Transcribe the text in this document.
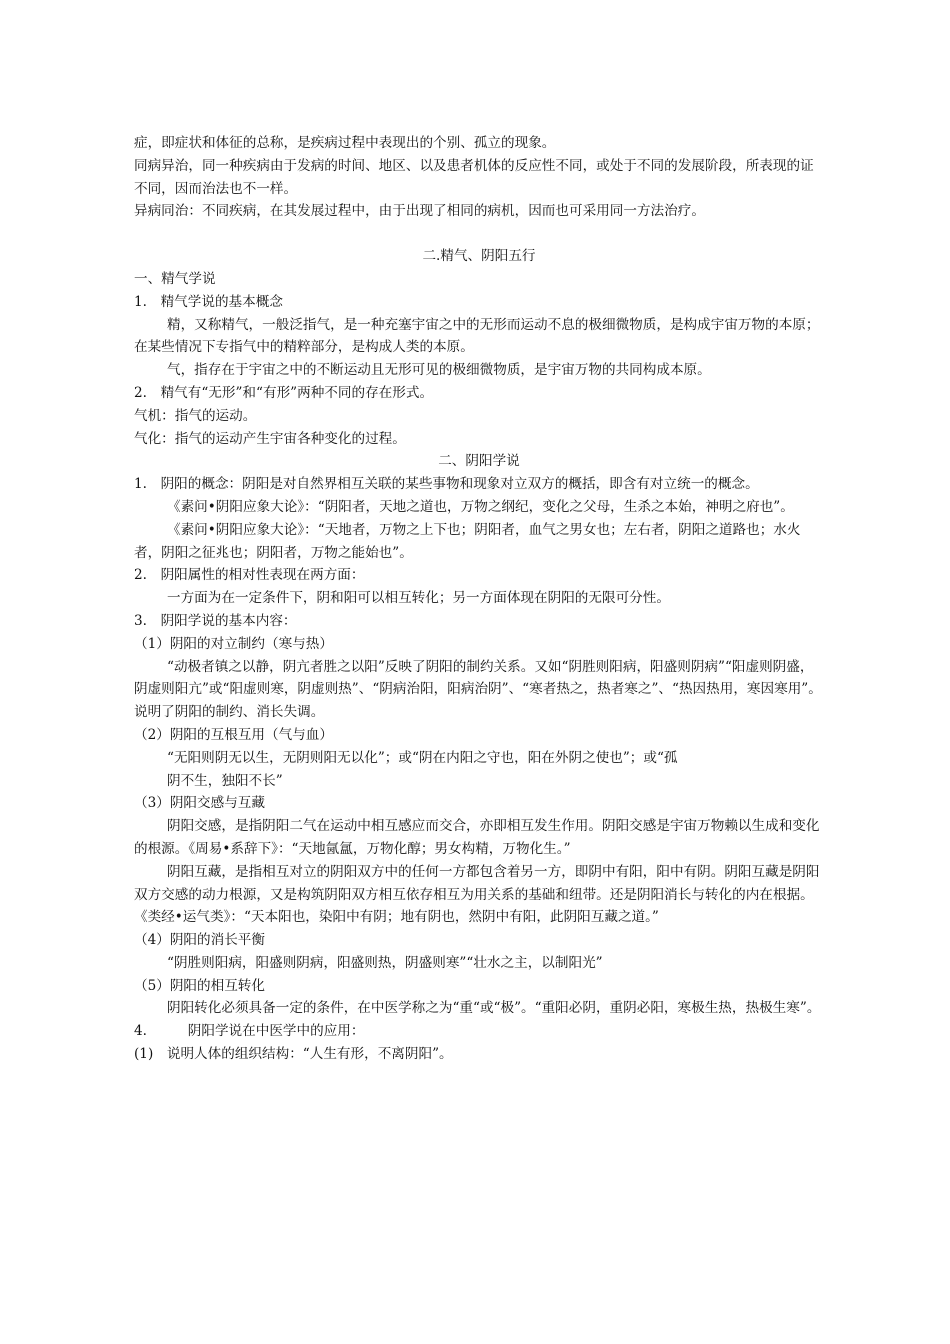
症，即症状和体征的总称，是疾病过程中表现出的个别、孤立的现象。

同病异治，同一种疾病由于发病的时间、地区、以及患者机体的反应性不同，或处于不同的发展阶段，所表现的证不同，因而治法也不一样。

异病同治：不同疾病，在其发展过程中，由于出现了相同的病机，因而也可采用同一方法治疗。

二.精气、阴阳五行

一、精气学说

1.　精气学说的基本概念

精，又称精气，一般泛指气，是一种充塞宇宙之中的无形而运动不息的极细微物质，是构成宇宙万物的本原；在某些情况下专指气中的精粹部分，是构成人类的本原。

气，指存在于宇宙之中的不断运动且无形可见的极细微物质，是宇宙万物的共同构成本原。

2.　精气有“无形”和“有形”两种不同的存在形式。

气机：指气的运动。

气化：指气的运动产生宇宙各种变化的过程。

二、阴阳学说

1.　阴阳的概念：阴阳是对自然界相互关联的某些事物和现象对立双方的概括，即含有对立统一的概念。

《素问•阴阳应象大论》：“阴阳者，天地之道也，万物之纲纪，变化之父母，生杀之本始，神明之府也”。

《素问•阴阳应象大论》：“天地者，万物之上下也；阴阳者，血气之男女也；左右者，阴阳之道路也；水火者，阴阳之征兆也；阴阳者，万物之能始也”。

2.　阴阳属性的相对性表现在两方面：

一方面为在一定条件下，阴和阳可以相互转化；另一方面体现在阴阳的无限可分性。

3.　阴阳学说的基本内容：

（1）阴阳的对立制约（寒与热）

“动极者镇之以静，阴亢者胜之以阳”反映了阴阳的制约关系。又如“阴胜则阳病，阳盛则阴病”“阳虚则阴盛，阴虚则阳亢”或“阳虚则寒，阴虚则热”、“阴病治阳，阳病治阴”、“寒者热之，热者寒之”、“热因热用，寒因寒用”。说明了阴阳的制约、消长失调。

（2）阴阳的互根互用（气与血）

“无阳则阴无以生，无阴则阳无以化”；或“阴在内阳之守也，阳在外阴之使也”；或“孤

阴不生，独阳不长”

（3）阴阳交感与互藏

阴阳交感，是指阴阳二气在运动中相互感应而交合，亦即相互发生作用。阴阳交感是宇宙万物赖以生成和变化的根源。《周易•系辞下》：“天地氤氲，万物化醇；男女构精，万物化生。”

阴阳互藏，是指相互对立的阴阳双方中的任何一方都包含着另一方，即阴中有阳，阳中有阴。阴阳互藏是阴阳双方交感的动力根源，又是构筑阴阳双方相互依存相互为用关系的基础和纽带。还是阴阳消长与转化的内在根据。《类经•运气类》：“天本阳也，染阳中有阴；地有阴也，然阴中有阳，此阴阳互藏之道。”

（4）阴阳的消长平衡

“阴胜则阳病，阳盛则阴病，阳盛则热，阴盛则寒”“壮水之主，以制阳光”

（5）阴阳的相互转化

阴阳转化必须具备一定的条件，在中医学称之为“重“或“极”。“重阳必阴，重阴必阳，寒极生热，热极生寒”。

4.　　　阴阳学说在中医学中的应用：

(1)　说明人体的组织结构：“人生有形，不离阴阳”。
